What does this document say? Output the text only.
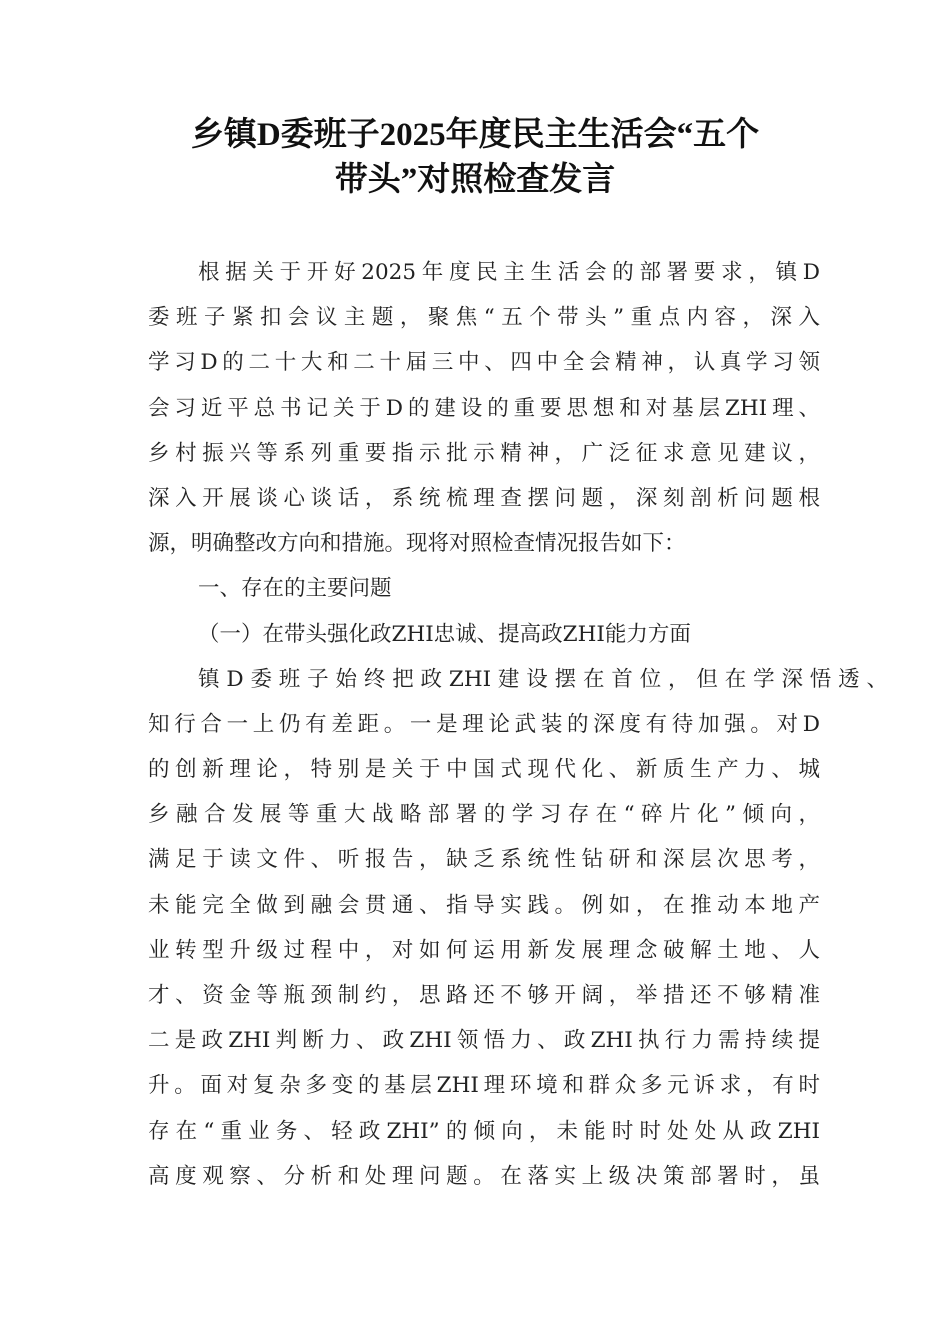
乡镇D委班子2025年度民主生活会“五个
带头”对照检查发言
根据关于开好2025年度民主生活会的部署要求，镇D
委班子紧扣会议主题，聚焦“五个带头”重点内容，深入
学习D的二十大和二十届三中、四中全会精神，认真学习领
会习近平总书记关于D的建设的重要思想和对基层ZHI理、
乡村振兴等系列重要指示批示精神，广泛征求意见建议，
深入开展谈心谈话，系统梳理查摆问题，深刻剖析问题根
源，明确整改方向和措施。现将对照检查情况报告如下：
一、存在的主要问题
（一）在带头强化政ZHI忠诚、提高政ZHI能力方面
镇D委班子始终把政ZHI建设摆在首位，但在学深悟透、
知行合一上仍有差距。一是理论武装的深度有待加强。对D
的创新理论，特别是关于中国式现代化、新质生产力、城
乡融合发展等重大战略部署的学习存在“碎片化”倾向，
满足于读文件、听报告，缺乏系统性钻研和深层次思考，
未能完全做到融会贯通、指导实践。例如，在推动本地产
业转型升级过程中，对如何运用新发展理念破解土地、人
才、资金等瓶颈制约，思路还不够开阔，举措还不够精准
二是政ZHI判断力、政ZHI领悟力、政ZHI执行力需持续提
升。面对复杂多变的基层ZHI理环境和群众多元诉求，有时
存在“重业务、轻政ZHI”的倾向，未能时时处处从政ZHI
高度观察、分析和处理问题。在落实上级决策部署时，虽
